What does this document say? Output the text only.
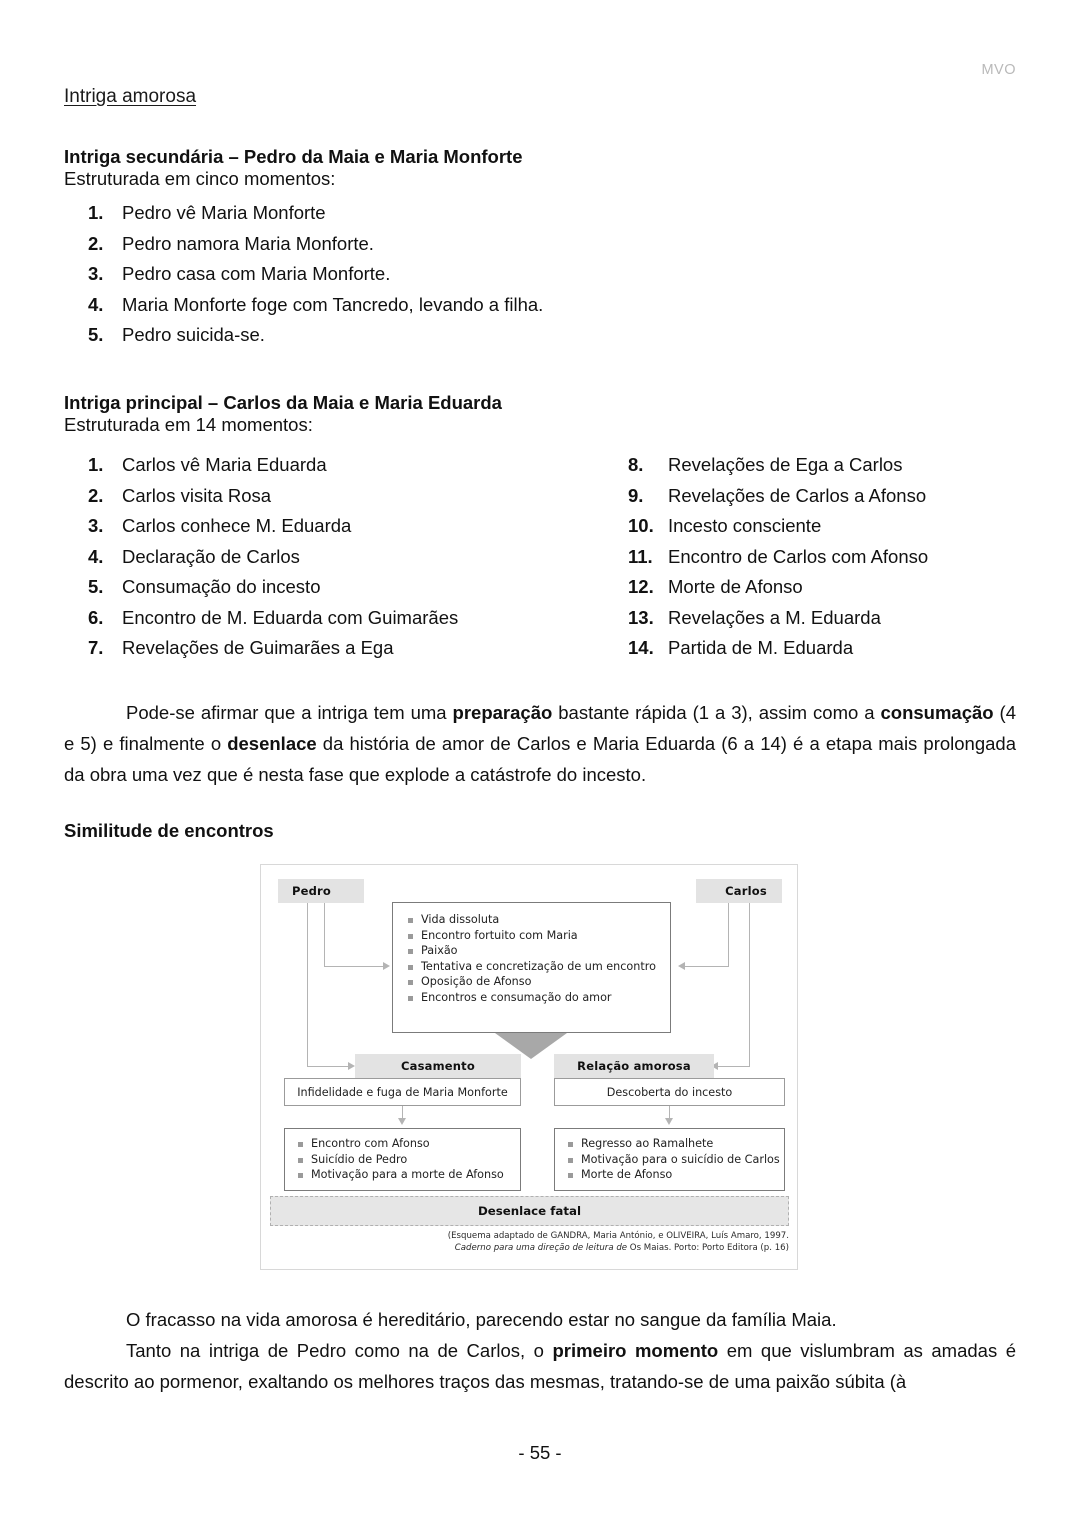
MVO
Intriga amorosa

Intriga secundária – Pedro da Maia e Maria Monforte

Estruturada em cinco momentos:

1.	Pedro vê Maria Monforte
2.	Pedro namora Maria Monforte.
3.	Pedro casa com Maria Monforte.
4.	Maria Monforte foge com Tancredo, levando a filha.
5.	Pedro suicida-se.

Intriga principal – Carlos da Maia e Maria Eduarda

Estruturada em 14 momentos:

1.	Carlos vê Maria Eduarda
2.	Carlos visita Rosa
3.	Carlos conhece M. Eduarda
4.	Declaração de Carlos
5.	Consumação do incesto
6.	Encontro de M. Eduarda com Guimarães
7.	Revelações de Guimarães a Ega
8.	Revelações de Ega a Carlos
9.	Revelações de Carlos a Afonso
10. Incesto consciente
11. Encontro de Carlos com Afonso
12. Morte de Afonso
13. Revelações a M. Eduarda
14. Partida de M. Eduarda

Pode-se afirmar que a intriga tem uma preparação bastante rápida (1 a 3), assim como a consumação (4 e 5) e finalmente o desenlace da história de amor de Carlos e Maria Eduarda (6 a 14) é a etapa mais prolongada da obra uma vez que é nesta fase que explode a catástrofe do incesto.

Similitude de encontros

Pedro	Carlos
Vida dissoluta
Encontro fortuito com Maria
Paixão
Tentativa e concretização de um encontro
Oposição de Afonso
Encontros e consumação do amor
Casamento	Relação amorosa
Infidelidade e fuga de Maria Monforte	Descoberta do incesto
Encontro com Afonso
Suicídio de Pedro
Motivação para a morte de Afonso
Regresso ao Ramalhete
Motivação para o suicídio de Carlos
Morte de Afonso
Desenlace fatal
(Esquema adaptado de GANDRA, Maria António, e OLIVEIRA, Luís Amaro, 1997.
Caderno para uma direção de leitura de Os Maias. Porto: Porto Editora (p. 16)

O fracasso na vida amorosa é hereditário, parecendo estar no sangue da família Maia.

Tanto na intriga de Pedro como na de Carlos, o primeiro momento em que vislumbram as amadas é descrito ao pormenor, exaltando os melhores traços das mesmas, tratando-se de uma paixão súbita (à

- 55 -
